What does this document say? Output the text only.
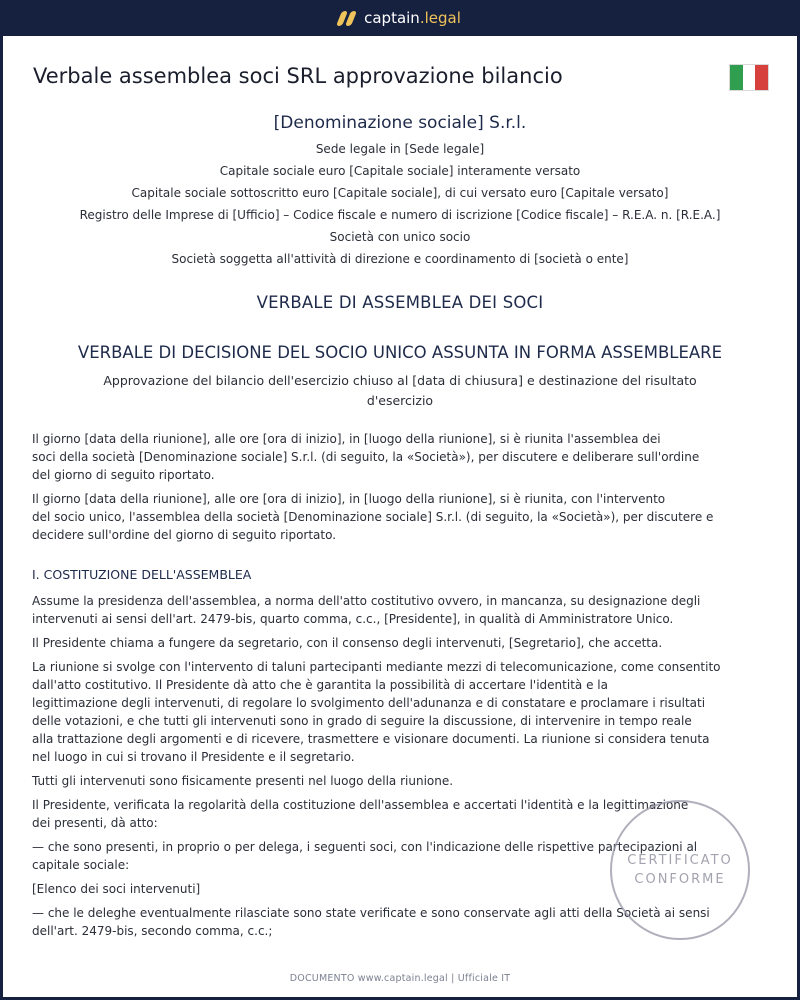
captain .legal
Verbale assemblea soci SRL approvazione bilancio
[Denominazione sociale] S.r.l.
Sede legale in [Sede legale]
Capitale sociale euro [Capitale sociale] interamente versato
Capitale sociale sottoscritto euro [Capitale sociale], di cui versato euro [Capitale versato]
Registro delle Imprese di [Ufficio] – Codice fiscale e numero di iscrizione [Codice fiscale] – R.E.A. n. [R.E.A.]
Società con unico socio
Società soggetta all'attività di direzione e coordinamento di [società o ente]
VERBALE DI ASSEMBLEA DEI SOCI
VERBALE DI DECISIONE DEL SOCIO UNICO ASSUNTA IN FORMA ASSEMBLEARE
Approvazione del bilancio dell'esercizio chiuso al [data di chiusura] e destinazione del risultato d'esercizio
Il giorno [data della riunione], alle ore [ora di inizio], in [luogo della riunione], si è riunita l'assemblea dei
soci della società [Denominazione sociale] S.r.l. (di seguito, la «Società»), per discutere e deliberare sull'ordine
del giorno di seguito riportato.
Il giorno [data della riunione], alle ore [ora di inizio], in [luogo della riunione], si è riunita, con l'intervento
del socio unico, l'assemblea della società [Denominazione sociale] S.r.l. (di seguito, la «Società»), per discutere e
decidere sull'ordine del giorno di seguito riportato.
I. COSTITUZIONE DELL'ASSEMBLEA
Assume la presidenza dell'assemblea, a norma dell'atto costitutivo ovvero, in mancanza, su designazione degli
intervenuti ai sensi dell'art. 2479-bis, quarto comma, c.c., [Presidente], in qualità di Amministratore Unico.
Il Presidente chiama a fungere da segretario, con il consenso degli intervenuti, [Segretario], che accetta.
La riunione si svolge con l'intervento di taluni partecipanti mediante mezzi di telecomunicazione, come consentito
dall'atto costitutivo. Il Presidente dà atto che è garantita la possibilità di accertare l'identità e la
legittimazione degli intervenuti, di regolare lo svolgimento dell'adunanza e di constatare e proclamare i risultati
delle votazioni, e che tutti gli intervenuti sono in grado di seguire la discussione, di intervenire in tempo reale
alla trattazione degli argomenti e di ricevere, trasmettere e visionare documenti. La riunione si considera tenuta
nel luogo in cui si trovano il Presidente e il segretario.
Tutti gli intervenuti sono fisicamente presenti nel luogo della riunione.
Il Presidente, verificata la regolarità della costituzione dell'assemblea e accertati l'identità e la legittimazione
dei presenti, dà atto:
— che sono presenti, in proprio o per delega, i seguenti soci, con l'indicazione delle rispettive partecipazioni al
capitale sociale:
[Elenco dei soci intervenuti]
— che le deleghe eventualmente rilasciate sono state verificate e sono conservate agli atti della Società ai sensi
dell'art. 2479-bis, secondo comma, c.c.;
CERTIFICATO
CONFORME
DOCUMENTO www.captain.legal | Ufficiale IT
